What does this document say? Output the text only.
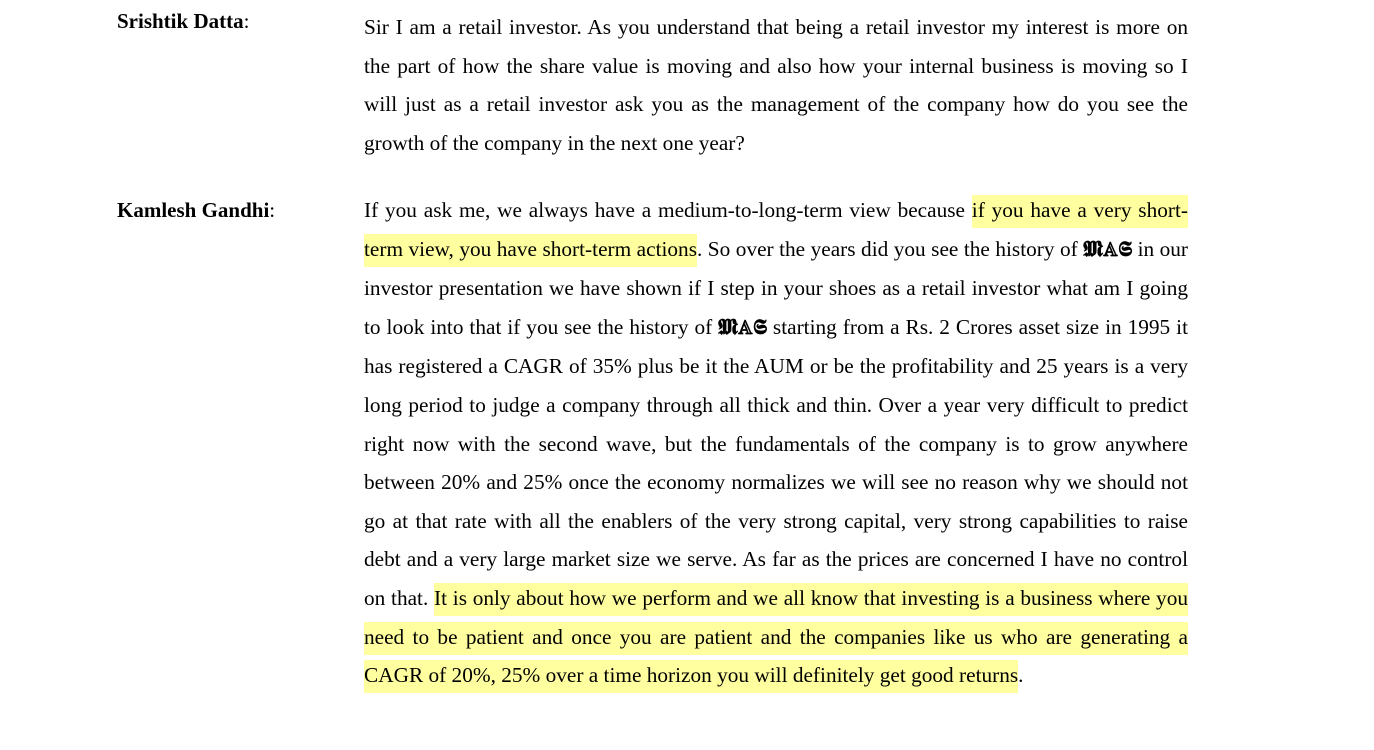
Srishtik Datta:	Sir I am a retail investor. As you understand that being a retail investor my interest is more on the part of how the share value is moving and also how your internal business is moving so I will just as a retail investor ask you as the management of the company how do you see the growth of the company in the next one year?

Kamlesh Gandhi:	If you ask me, we always have a medium-to-long-term view because if you have a very short-term view, you have short-term actions. So over the years did you see the history of 𝕸𝔸𝕾 in our investor presentation we have shown if I step in your shoes as a retail investor what am I going to look into that if you see the history of 𝕸𝔸𝕾 starting from a Rs. 2 Crores asset size in 1995 it has registered a CAGR of 35% plus be it the AUM or be the profitability and 25 years is a very long period to judge a company through all thick and thin. Over a year very difficult to predict right now with the second wave, but the fundamentals of the company is to grow anywhere between 20% and 25% once the economy normalizes we will see no reason why we should not go at that rate with all the enablers of the very strong capital, very strong capabilities to raise debt and a very large market size we serve. As far as the prices are concerned I have no control on that. It is only about how we perform and we all know that investing is a business where you need to be patient and once you are patient and the companies like us who are generating a CAGR of 20%, 25% over a time horizon you will definitely get good returns.
